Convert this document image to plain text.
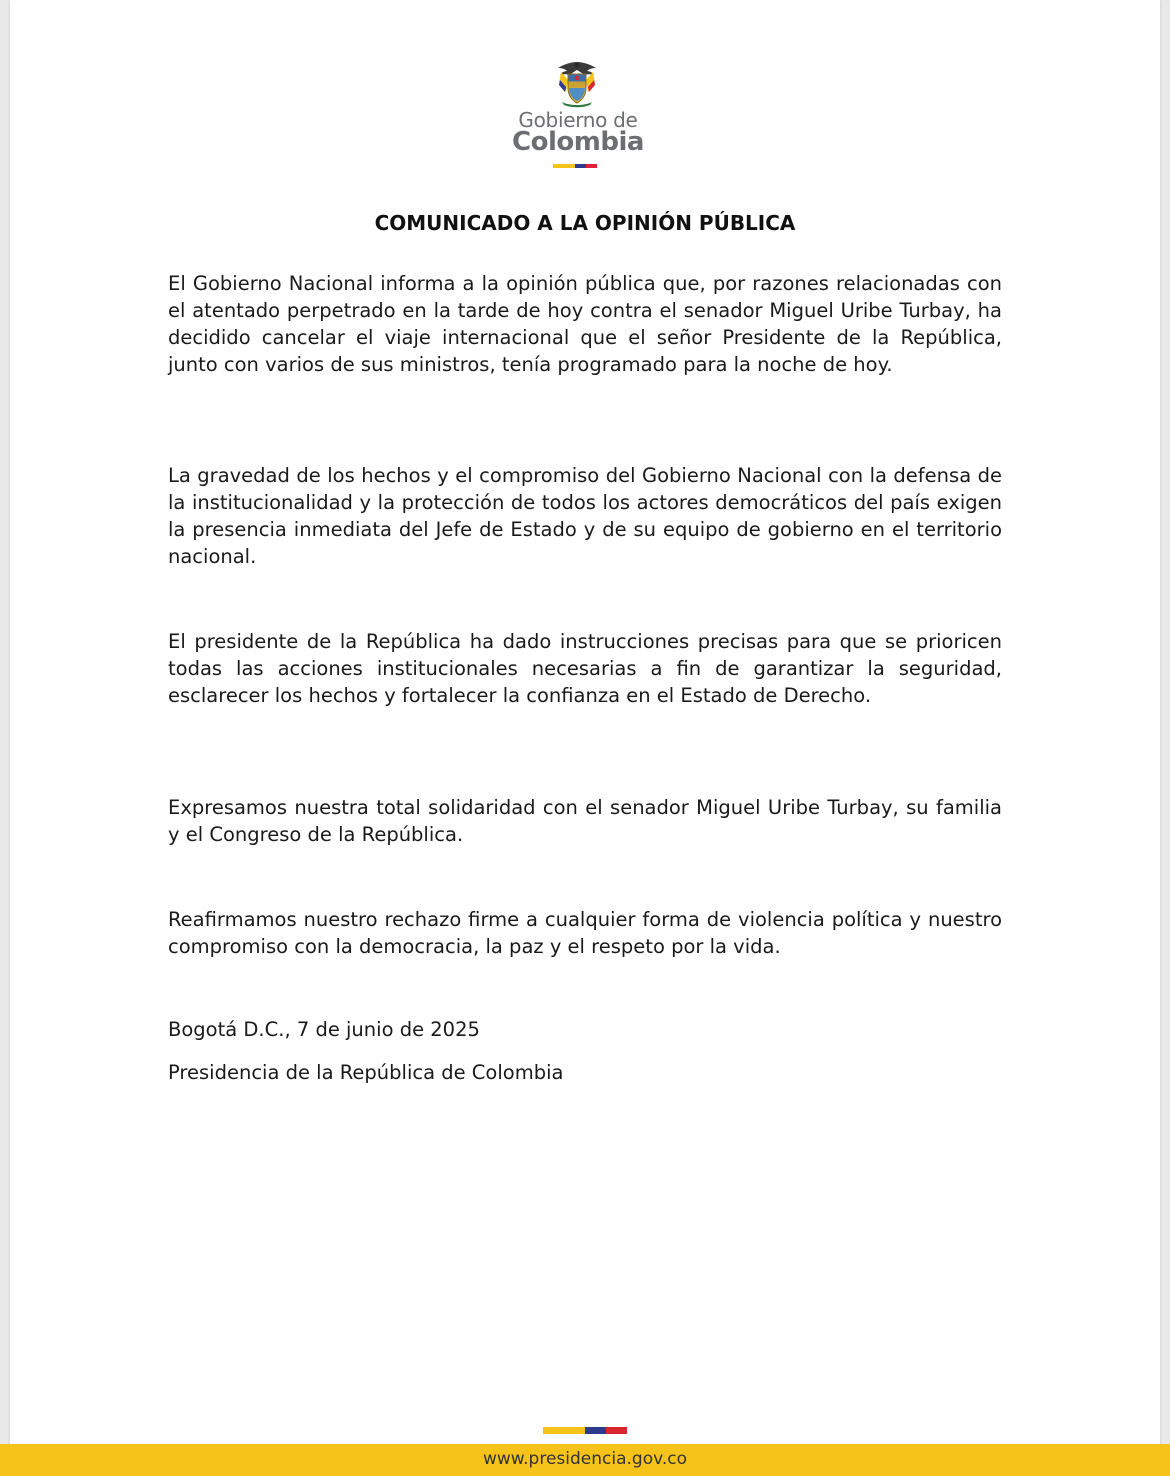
Gobierno de
Colombia
COMUNICADO A LA OPINIÓN PÚBLICA

El Gobierno Nacional informa a la opinión pública que, por razones relacionadas con el atentado perpetrado en la tarde de hoy contra el senador Miguel Uribe Turbay, ha decidido cancelar el viaje internacional que el señor Presidente de la República, junto con varios de sus ministros, tenía programado para la noche de hoy.

La gravedad de los hechos y el compromiso del Gobierno Nacional con la defensa de la institucionalidad y la protección de todos los actores democráticos del país exigen la presencia inmediata del Jefe de Estado y de su equipo de gobierno en el territorio nacional.

El presidente de la República ha dado instrucciones precisas para que se prioricen todas las acciones institucionales necesarias a fin de garantizar la seguridad, esclarecer los hechos y fortalecer la confianza en el Estado de Derecho.

Expresamos nuestra total solidaridad con el senador Miguel Uribe Turbay, su familia y el Congreso de la República.

Reafirmamos nuestro rechazo firme a cualquier forma de violencia política y nuestro compromiso con la democracia, la paz y el respeto por la vida.

Bogotá D.C., 7 de junio de 2025

Presidencia de la República de Colombia

www.presidencia.gov.co
